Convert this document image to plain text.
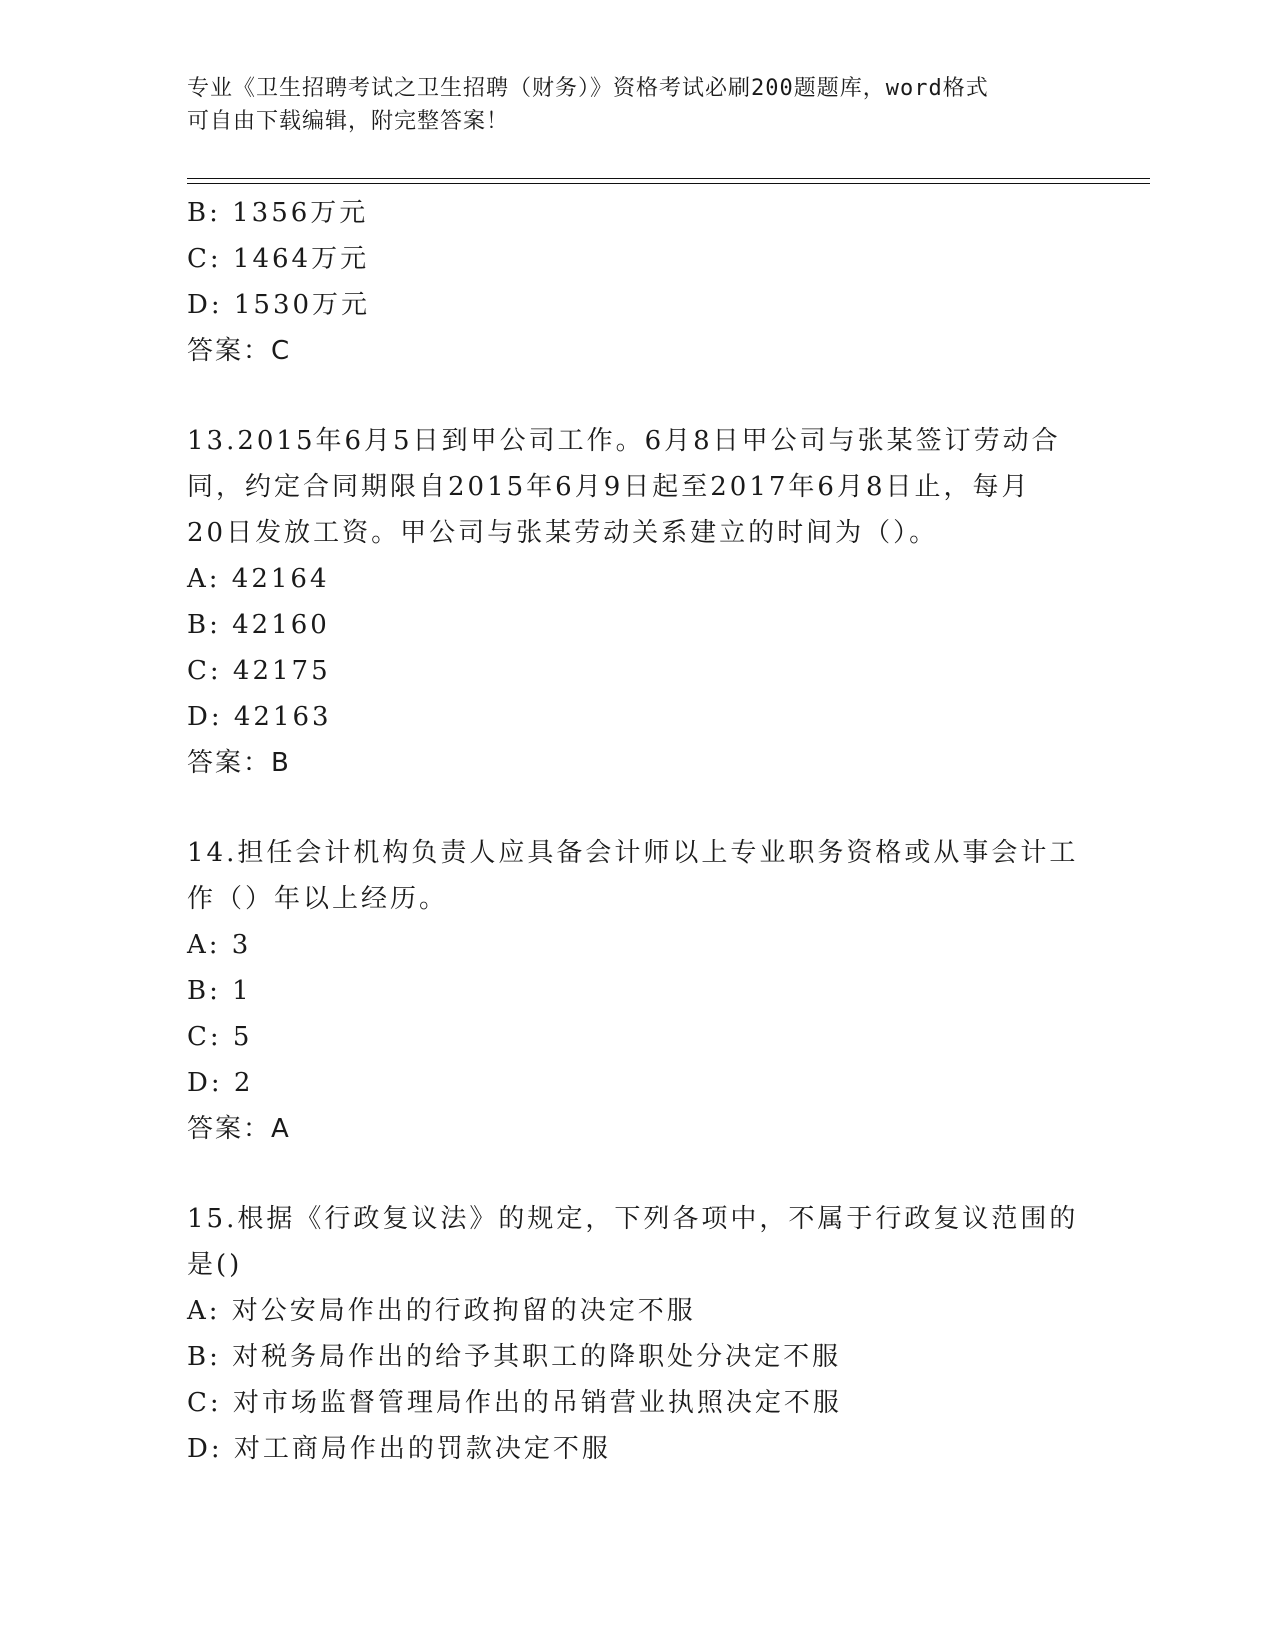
专业《卫生招聘考试之卫生招聘（财务）》资格考试必刷200题题库，word格式
可自由下载编辑，附完整答案！
B: 1356万元
C: 1464万元
D: 1530万元
答案：C
13.2015年6月5日到甲公司工作。6月8日甲公司与张某签订劳动合
同，约定合同期限自2015年6月9日起至2017年6月8日止，每月
20日发放工资。甲公司与张某劳动关系建立的时间为（）。
A: 42164
B: 42160
C: 42175
D: 42163
答案：B
14.担任会计机构负责人应具备会计师以上专业职务资格或从事会计工
作（）年以上经历。
A: 3
B: 1
C: 5
D: 2
答案：A
15.根据《行政复议法》的规定，下列各项中，不属于行政复议范围的
是()
A: 对公安局作出的行政拘留的决定不服
B: 对税务局作出的给予其职工的降职处分决定不服
C: 对市场监督管理局作出的吊销营业执照决定不服
D: 对工商局作出的罚款决定不服
